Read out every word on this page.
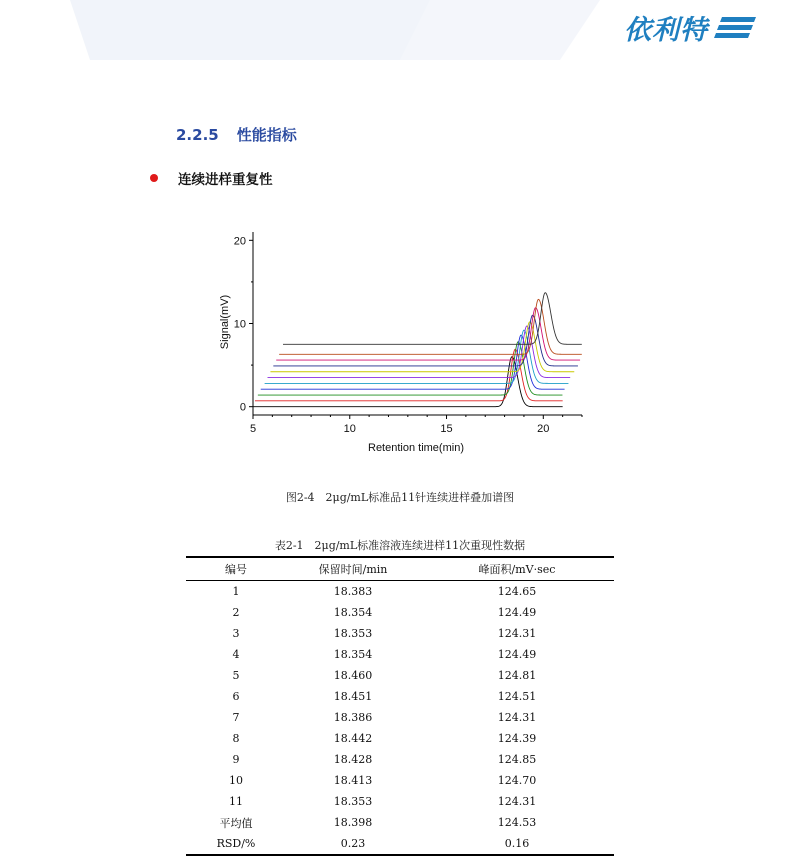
依利特
2.2.5 性能指标
连续进样重复性
5	10	15	20
0
10
20
Retention time(min)
Signal(mV)
图2-4　2μg/mL标准品11针连续进样叠加谱图
表2-1　2μg/mL标准溶液连续进样11次重现性数据
编号	保留时间/min	峰面积/mV·sec
1	18.383	124.65
2	18.354	124.49
3	18.353	124.31
4	18.354	124.49
5	18.460	124.81
6	18.451	124.51
7	18.386	124.31
8	18.442	124.39
9	18.428	124.85
10	18.413	124.70
11	18.353	124.31
平均值	18.398	124.53
RSD/%	0.23	0.16
